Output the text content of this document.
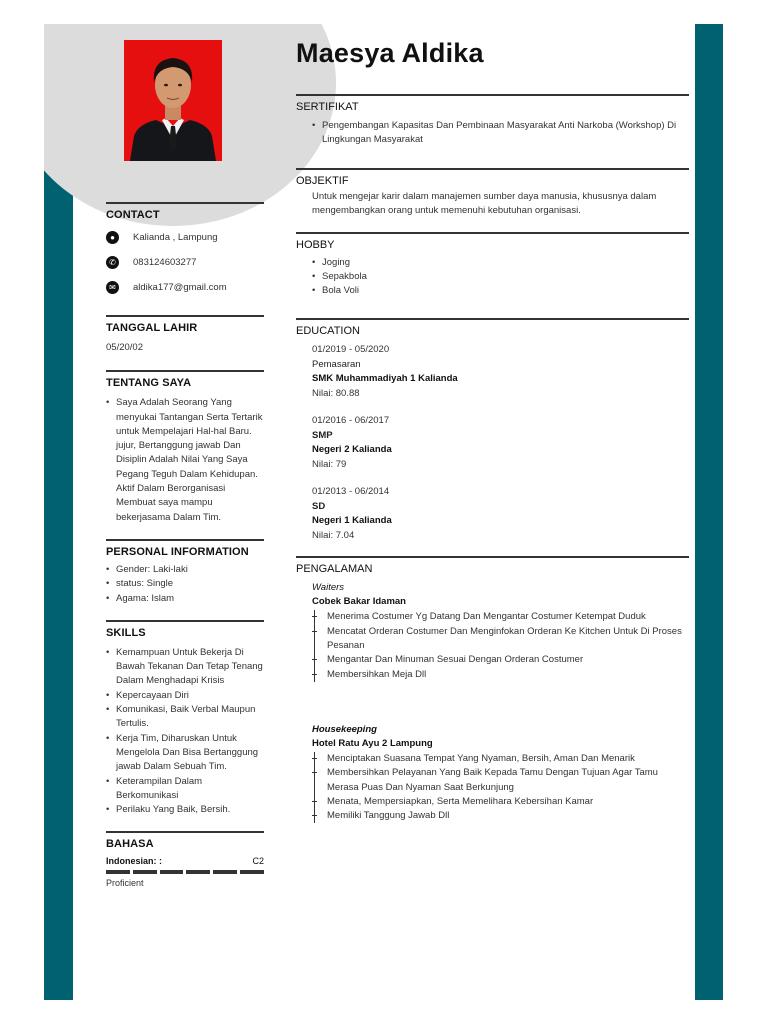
CONTACT
●	Kalianda , Lampung
✆	083124603277
✉	aldika177@gmail.com
TANGGAL LAHIR
05/20/02
TENTANG SAYA
• Saya Adalah Seorang Yang menyukai Tantangan Serta Tertarik untuk Mempelajari Hal-hal Baru. jujur, Bertanggung jawab Dan Disiplin Adalah Nilai Yang Saya Pegang Teguh Dalam Kehidupan. Aktif Dalam Berorganisasi Membuat saya mampu bekerjasama Dalam Tim.
PERSONAL INFORMATION
• Gender: Laki-laki
• status: Single
• Agama: Islam
SKILLS
• Kemampuan Untuk Bekerja Di Bawah Tekanan Dan Tetap Tenang Dalam Menghadapi Krisis
• Kepercayaan Diri
• Komunikasi, Baik Verbal Maupun Tertulis.
• Kerja Tim, Diharuskan Untuk Mengelola Dan Bisa Bertanggung jawab Dalam Sebuah Tim.
• Keterampilan Dalam Berkomunikasi
• Perilaku Yang Baik, Bersih.
BAHASA
Indonesian: :	C2
Proficient
Maesya Aldika
SERTIFIKAT
• Pengembangan Kapasitas Dan Pembinaan Masyarakat Anti Narkoba (Workshop) Di Lingkungan Masyarakat
OBJEKTIF
Untuk mengejar karir dalam manajemen sumber daya manusia, khususnya dalam mengembangkan orang untuk memenuhi kebutuhan organisasi.
HOBBY
• Joging
• Sepakbola
• Bola Voli
EDUCATION
01/2019 - 05/2020
Pemasaran
SMK Muhammadiyah 1 Kalianda
Nilai: 80.88
01/2016 - 06/2017
SMP
Negeri 2 Kalianda
Nilai: 79
01/2013 - 06/2014
SD
Negeri 1 Kalianda
Nilai: 7.04
PENGALAMAN
Waiters
Cobek Bakar Idaman
Menerima Costumer Yg Datang Dan Mengantar Costumer Ketempat Duduk
Mencatat Orderan Costumer Dan Menginfokan Orderan Ke Kitchen Untuk Di Proses Pesanan
Mengantar Dan Minuman Sesuai Dengan Orderan Costumer
Membersihkan Meja Dll
Housekeeping
Hotel Ratu Ayu 2 Lampung
Menciptakan Suasana Tempat Yang Nyaman, Bersih, Aman Dan Menarik
Membersihkan Pelayanan Yang Baik Kepada Tamu Dengan Tujuan Agar Tamu Merasa Puas Dan Nyaman Saat Berkunjung
Menata, Mempersiapkan, Serta Memelihara Kebersihan Kamar
Memiliki Tanggung Jawab Dll
